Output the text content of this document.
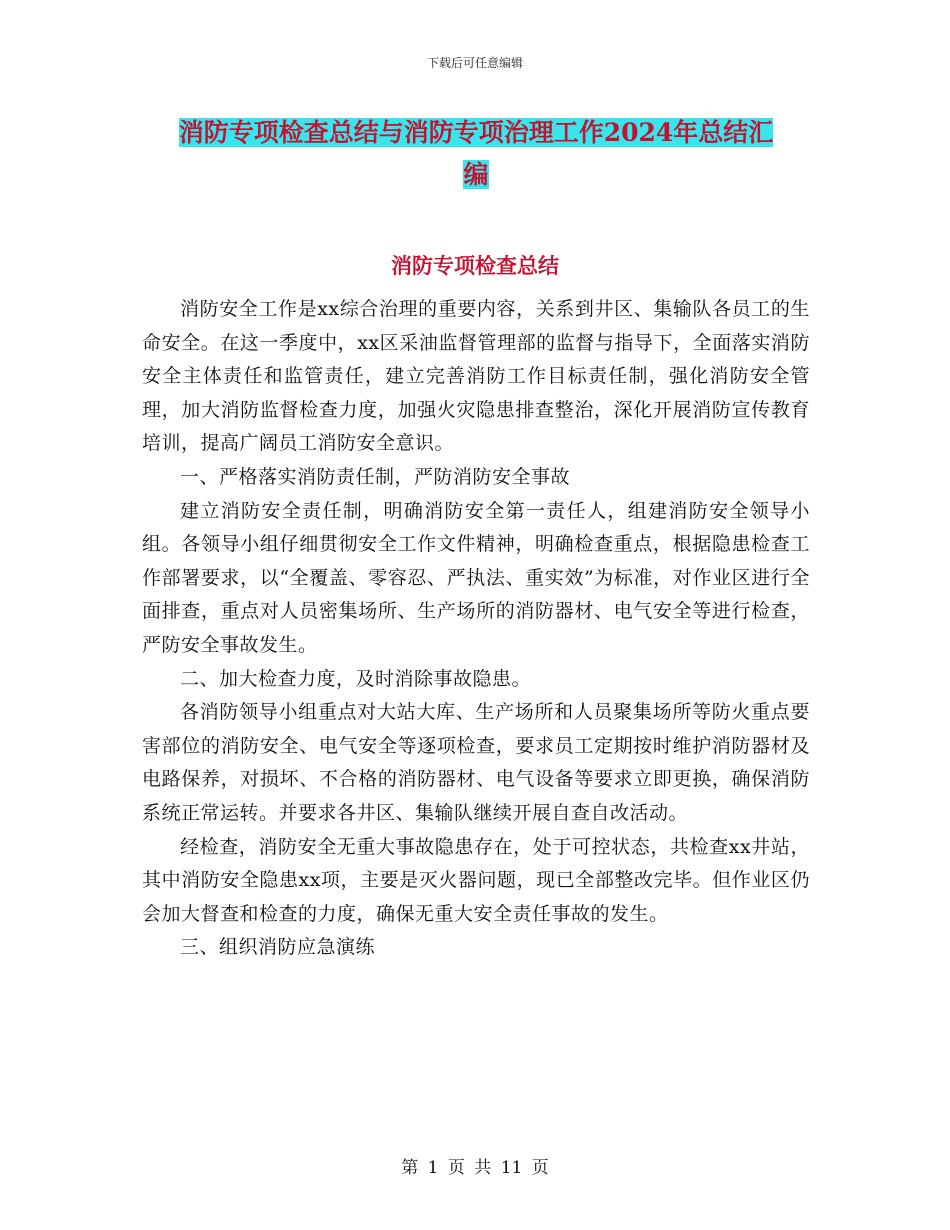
下载后可任意编辑
消防专项检查总结与消防专项治理工作2024年总结汇
编
消防专项检查总结

消防安全工作是xx综合治理的重要内容，关系到井区、集输队各员工的生命安全。在这一季度中，xx区采油监督管理部的监督与指导下，全面落实消防安全主体责任和监管责任，建立完善消防工作目标责任制，强化消防安全管理，加大消防监督检查力度，加强火灾隐患排查整治，深化开展消防宣传教育培训，提高广阔员工消防安全意识。

一、严格落实消防责任制，严防消防安全事故

建立消防安全责任制，明确消防安全第一责任人，组建消防安全领导小组。各领导小组仔细贯彻安全工作文件精神，明确检查重点，根据隐患检查工作部署要求，以“全覆盖、零容忍、严执法、重实效”为标准，对作业区进行全面排查，重点对人员密集场所、生产场所的消防器材、电气安全等进行检查，严防安全事故发生。

二、加大检查力度，及时消除事故隐患。

各消防领导小组重点对大站大库、生产场所和人员聚集场所等防火重点要害部位的消防安全、电气安全等逐项检查，要求员工定期按时维护消防器材及电路保养，对损坏、不合格的消防器材、电气设备等要求立即更换，确保消防系统正常运转。并要求各井区、集输队继续开展自查自改活动。

经检查，消防安全无重大事故隐患存在，处于可控状态，共检查xx井站，其中消防安全隐患xx项，主要是灭火器问题，现已全部整改完毕。但作业区仍会加大督查和检查的力度，确保无重大安全责任事故的发生。

三、组织消防应急演练

第 1 页 共 11 页
